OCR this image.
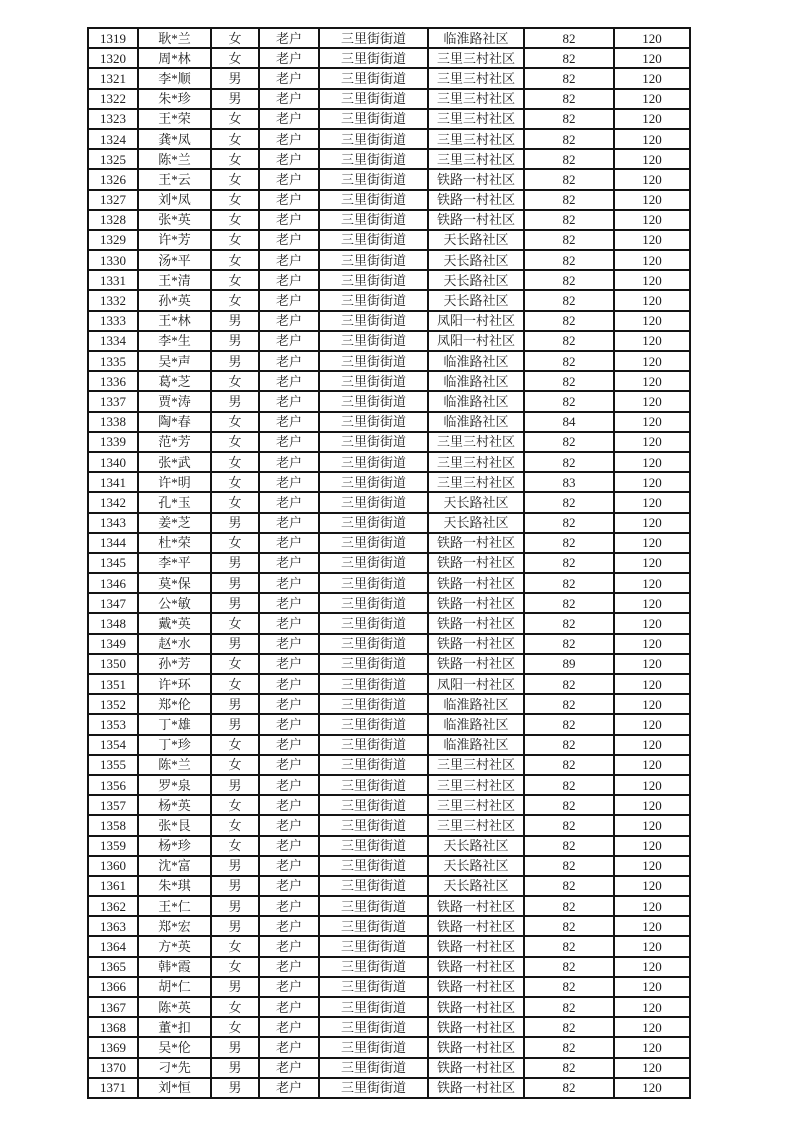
1319	耿*兰	女	老户	三里街街道	临淮路社区	82	120
1320	周*林	女	老户	三里街街道	三里三村社区	82	120
1321	李*顺	男	老户	三里街街道	三里三村社区	82	120
1322	朱*珍	男	老户	三里街街道	三里三村社区	82	120
1323	王*荣	女	老户	三里街街道	三里三村社区	82	120
1324	龚*凤	女	老户	三里街街道	三里三村社区	82	120
1325	陈*兰	女	老户	三里街街道	三里三村社区	82	120
1326	王*云	女	老户	三里街街道	铁路一村社区	82	120
1327	刘*凤	女	老户	三里街街道	铁路一村社区	82	120
1328	张*英	女	老户	三里街街道	铁路一村社区	82	120
1329	许*芳	女	老户	三里街街道	天长路社区	82	120
1330	汤*平	女	老户	三里街街道	天长路社区	82	120
1331	王*清	女	老户	三里街街道	天长路社区	82	120
1332	孙*英	女	老户	三里街街道	天长路社区	82	120
1333	王*林	男	老户	三里街街道	凤阳一村社区	82	120
1334	李*生	男	老户	三里街街道	凤阳一村社区	82	120
1335	吴*声	男	老户	三里街街道	临淮路社区	82	120
1336	葛*芝	女	老户	三里街街道	临淮路社区	82	120
1337	贾*涛	男	老户	三里街街道	临淮路社区	82	120
1338	陶*春	女	老户	三里街街道	临淮路社区	84	120
1339	范*芳	女	老户	三里街街道	三里三村社区	82	120
1340	张*武	女	老户	三里街街道	三里三村社区	82	120
1341	许*明	女	老户	三里街街道	三里三村社区	83	120
1342	孔*玉	女	老户	三里街街道	天长路社区	82	120
1343	姜*芝	男	老户	三里街街道	天长路社区	82	120
1344	杜*荣	女	老户	三里街街道	铁路一村社区	82	120
1345	李*平	男	老户	三里街街道	铁路一村社区	82	120
1346	莫*保	男	老户	三里街街道	铁路一村社区	82	120
1347	公*敏	男	老户	三里街街道	铁路一村社区	82	120
1348	戴*英	女	老户	三里街街道	铁路一村社区	82	120
1349	赵*水	男	老户	三里街街道	铁路一村社区	82	120
1350	孙*芳	女	老户	三里街街道	铁路一村社区	89	120
1351	许*环	女	老户	三里街街道	凤阳一村社区	82	120
1352	郑*伦	男	老户	三里街街道	临淮路社区	82	120
1353	丁*雄	男	老户	三里街街道	临淮路社区	82	120
1354	丁*珍	女	老户	三里街街道	临淮路社区	82	120
1355	陈*兰	女	老户	三里街街道	三里三村社区	82	120
1356	罗*泉	男	老户	三里街街道	三里三村社区	82	120
1357	杨*英	女	老户	三里街街道	三里三村社区	82	120
1358	张*艮	女	老户	三里街街道	三里三村社区	82	120
1359	杨*珍	女	老户	三里街街道	天长路社区	82	120
1360	沈*富	男	老户	三里街街道	天长路社区	82	120
1361	朱*琪	男	老户	三里街街道	天长路社区	82	120
1362	王*仁	男	老户	三里街街道	铁路一村社区	82	120
1363	郑*宏	男	老户	三里街街道	铁路一村社区	82	120
1364	方*英	女	老户	三里街街道	铁路一村社区	82	120
1365	韩*霞	女	老户	三里街街道	铁路一村社区	82	120
1366	胡*仁	男	老户	三里街街道	铁路一村社区	82	120
1367	陈*英	女	老户	三里街街道	铁路一村社区	82	120
1368	董*扣	女	老户	三里街街道	铁路一村社区	82	120
1369	吴*伦	男	老户	三里街街道	铁路一村社区	82	120
1370	刁*先	男	老户	三里街街道	铁路一村社区	82	120
1371	刘*恒	男	老户	三里街街道	铁路一村社区	82	120
